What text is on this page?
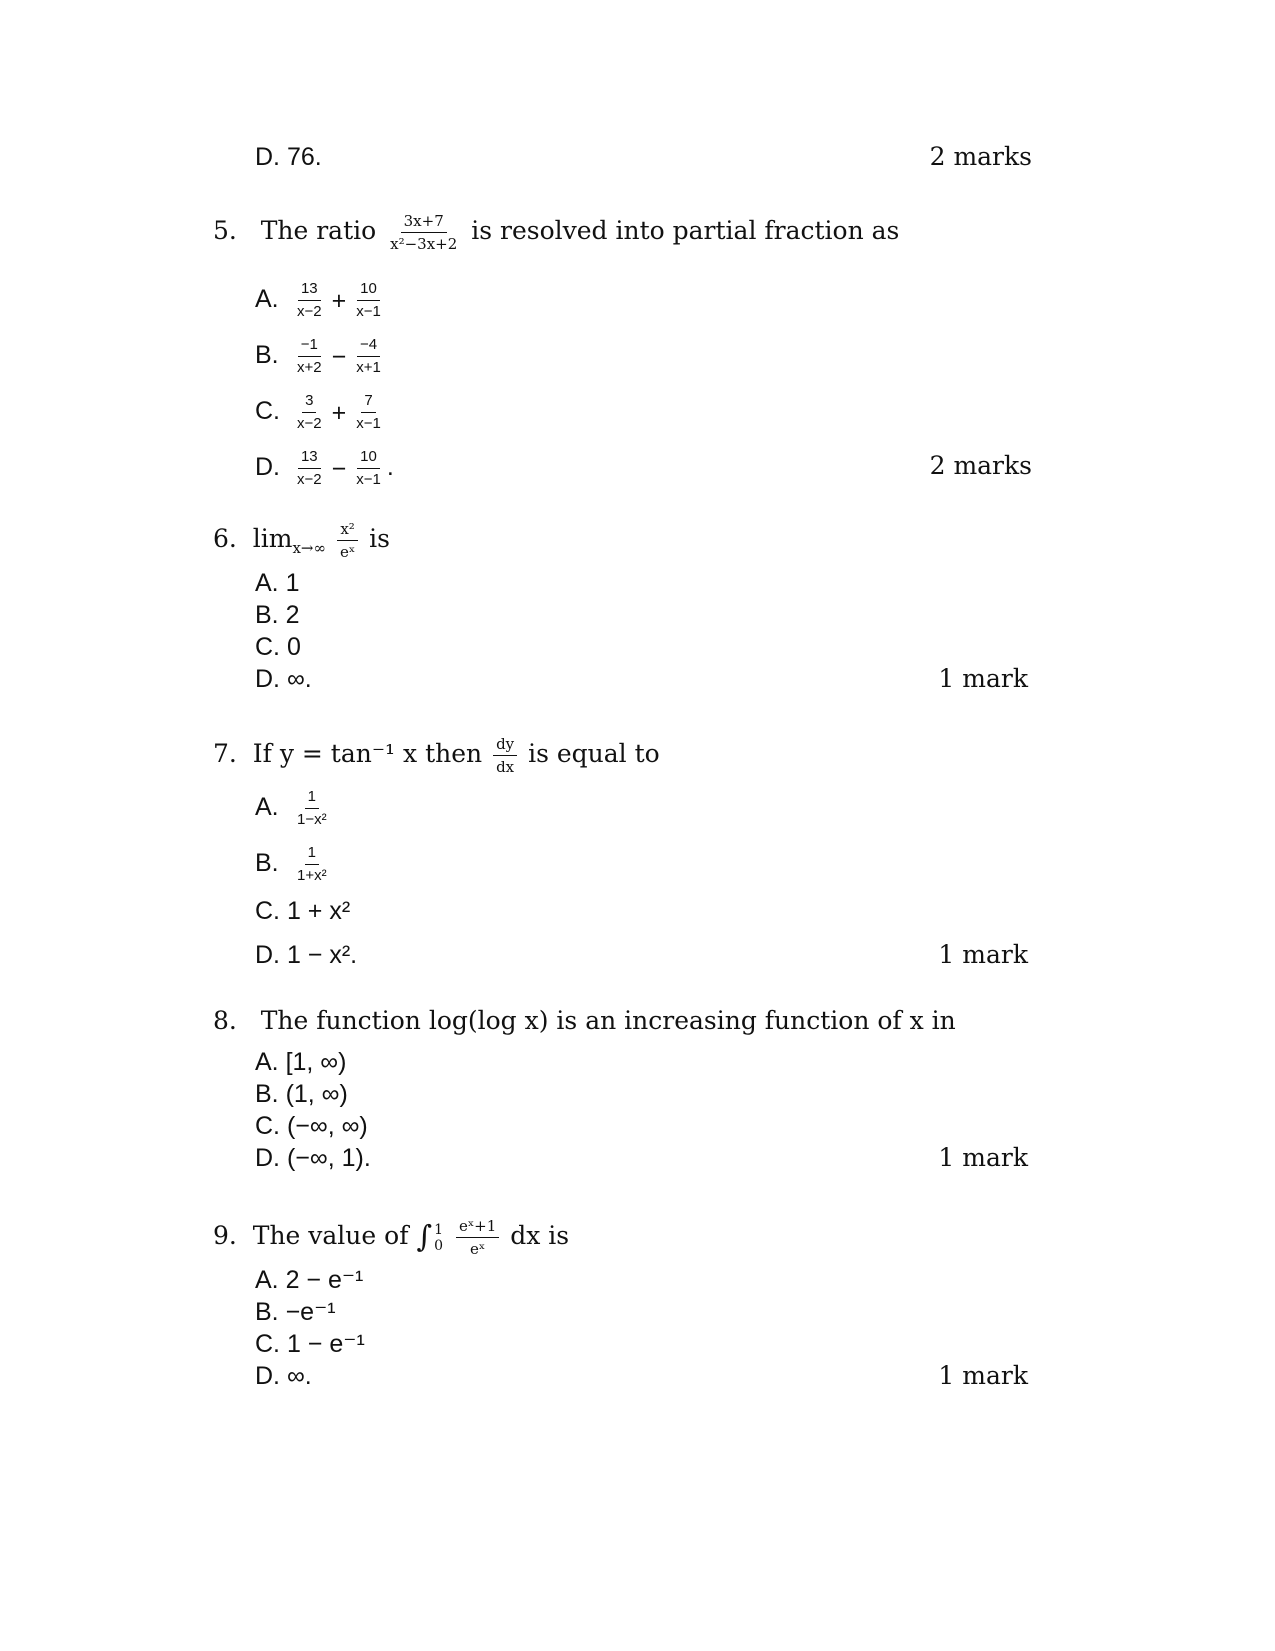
D. 76.	2 marks
5. The ratio $\frac{3x+7}{\text{x²−3x+2}}$ is resolved into partial fraction as
A. $\frac{13}{x-2} + \frac{10}{x-1}$
B. $\frac{-1}{x+2} - \frac{-4}{x+1}$
C. $\frac{3}{x-2} + \frac{7}{x-1}$
D. $\frac{13}{x-2} - \frac{10}{x-1}$ .	2 marks
6. $\lim_{x\to\infty} \frac{\text{x²}}{\text{eˣ}}$ is
A. 1
B. 2
C. 0
D. ∞.	1 mark
7. If y = tan⁻¹ x then $\frac{dy}{dx}$ is equal to
A. $\frac{1}{\text{1−x²}}$
B. $\frac{1}{\text{1+x²}}$
C. 1 + x²
D. 1 − x².	1 mark
8. The function log(log x) is an increasing function of x in
A. [1, ∞)
B. (1, ∞)
C. (−∞, ∞)
D. (−∞, 1).	1 mark
9. The value of ∫ 1
0
$\frac{\text{eˣ+1}}{\text{eˣ}}$ dx is
A. 2 − e⁻¹
B. −e⁻¹
C. 1 − e⁻¹
D. ∞.	1 mark
